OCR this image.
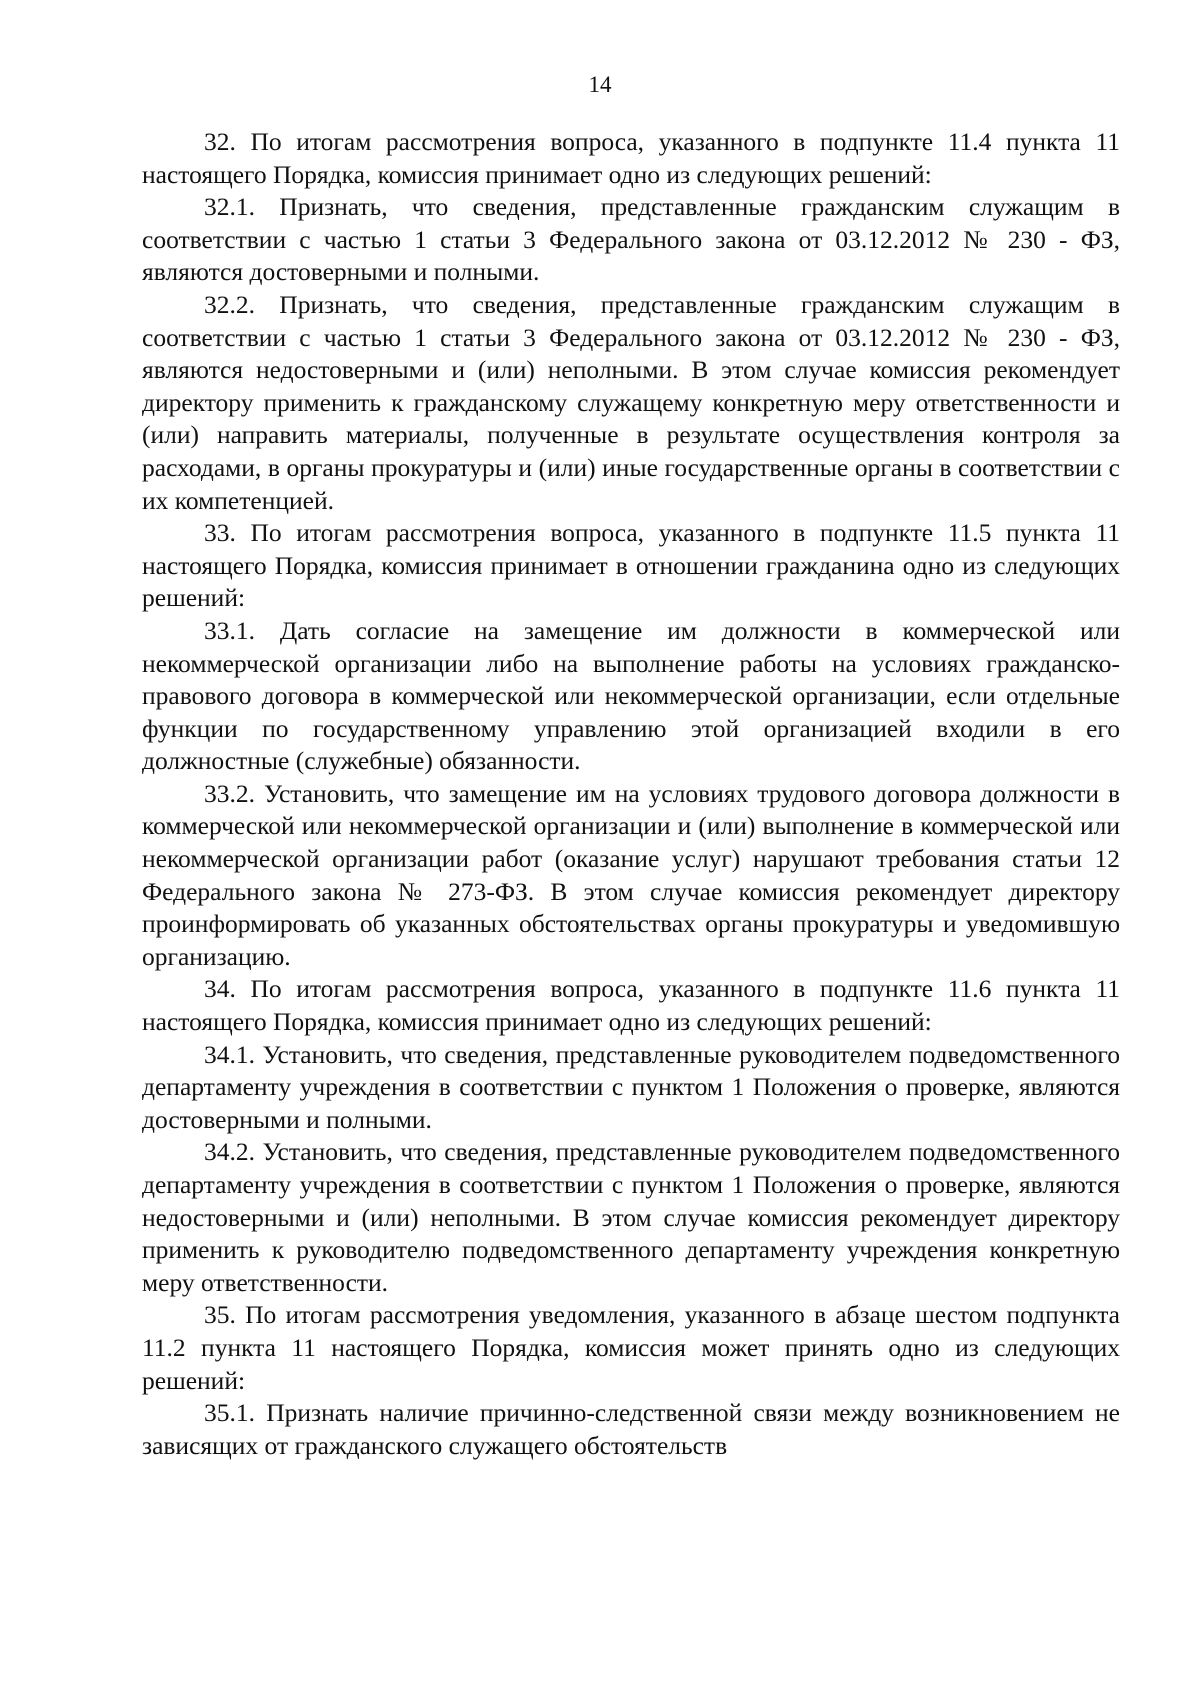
14

32. По итогам рассмотрения вопроса, указанного в подпункте 11.4 пункта 11 настоящего Порядка, комиссия принимает одно из следующих решений:

32.1. Признать, что сведения, представленные гражданским служащим в соответствии с частью 1 статьи 3 Федерального закона от 03.12.2012 № 230 - ФЗ, являются достоверными и полными.

32.2. Признать, что сведения, представленные гражданским служащим в соответствии с частью 1 статьи 3 Федерального закона от 03.12.2012 № 230 - ФЗ, являются недостоверными и (или) неполными. В этом случае комиссия рекомендует директору применить к гражданскому служащему конкретную меру ответственности и (или) направить материалы, полученные в результате осуществления контроля за расходами, в органы прокуратуры и (или) иные государственные органы в соответствии с их компетенцией.

33. По итогам рассмотрения вопроса, указанного в подпункте 11.5 пункта 11 настоящего Порядка, комиссия принимает в отношении гражданина одно из следующих решений:

33.1. Дать согласие на замещение им должности в коммерческой или некоммерческой организации либо на выполнение работы на условиях гражданско-правового договора в коммерческой или некоммерческой организации, если отдельные функции по государственному управлению этой организацией входили в его должностные (служебные) обязанности.

33.2. Установить, что замещение им на условиях трудового договора должности в коммерческой или некоммерческой организации и (или) выполнение в коммерческой или некоммерческой организации работ (оказание услуг) нарушают требования статьи 12 Федерального закона № 273-ФЗ. В этом случае комиссия рекомендует директору проинформировать об указанных обстоятельствах органы прокуратуры и уведомившую организацию.

34. По итогам рассмотрения вопроса, указанного в подпункте 11.6 пункта 11 настоящего Порядка, комиссия принимает одно из следующих решений:

34.1. Установить, что сведения, представленные руководителем подведомственного департаменту учреждения в соответствии с пунктом 1 Положения о проверке, являются достоверными и полными.

34.2. Установить, что сведения, представленные руководителем подведомственного департаменту учреждения в соответствии с пунктом 1 Положения о проверке, являются недостоверными и (или) неполными. В этом случае комиссия рекомендует директору применить к руководителю подведомственного департаменту учреждения конкретную меру ответственности.

35. По итогам рассмотрения уведомления, указанного в абзаце шестом подпункта 11.2 пункта 11 настоящего Порядка, комиссия может принять одно из следующих решений:

35.1. Признать наличие причинно-следственной связи между возникновением не зависящих от гражданского служащего обстоятельств
